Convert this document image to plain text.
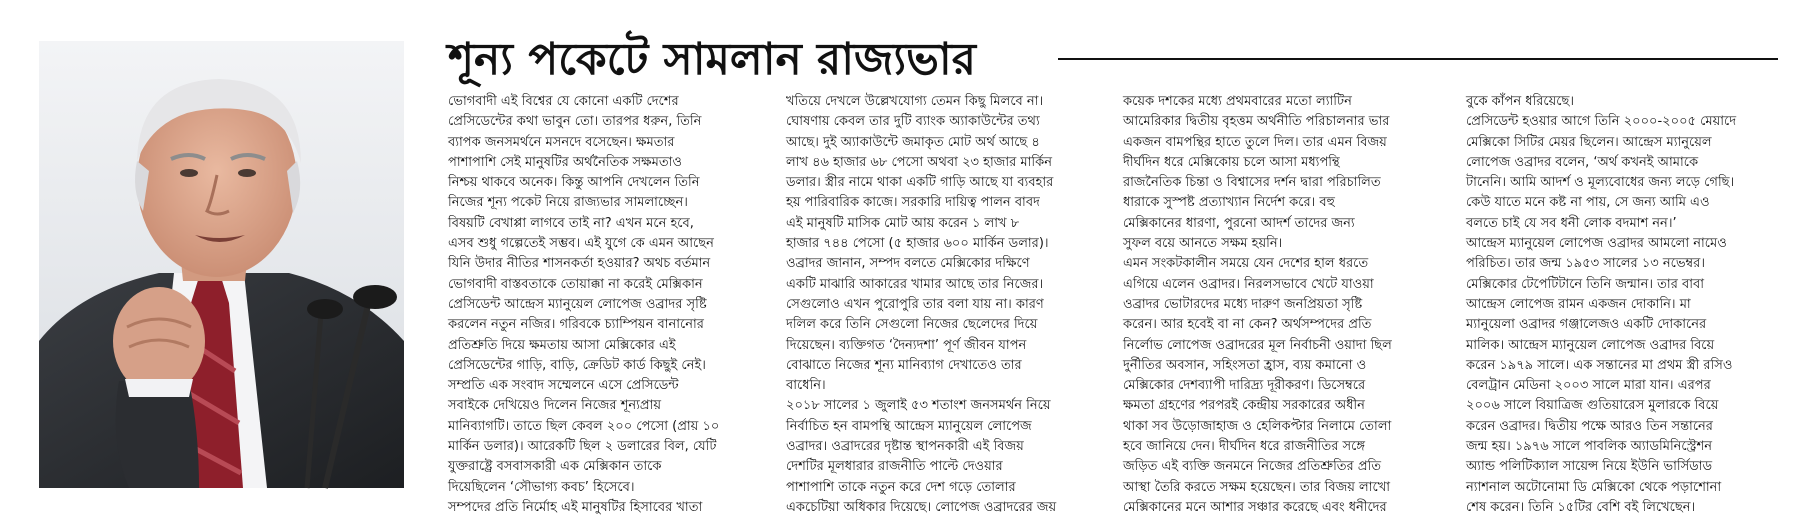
শূন্য পকেটে সামলান রাজ্যভার
ভোগবাদী এই বিশ্বের যে কোনো একটি দেশের
প্রেসিডেন্টের কথা ভাবুন তো। তারপর ধরুন, তিনি
ব্যাপক জনসমর্থনে মসনদে বসেছেন। ক্ষমতার
পাশাপাশি সেই মানুষটির অর্থনৈতিক সক্ষমতাও
নিশ্চয় থাকবে অনেক। কিন্তু আপনি দেখলেন তিনি
নিজের শূন্য পকেট নিয়ে রাজ্যভার সামলাচ্ছেন।
বিষয়টি বেখাপ্পা লাগবে তাই না? এখন মনে হবে,
এসব শুধু গল্পেতেই সম্ভব। এই যুগে কে এমন আছেন
যিনি উদার নীতির শাসনকর্তা হওয়ার? অথচ বর্তমান
ভোগবাদী বাস্তবতাকে তোয়াক্কা না করেই মেক্সিকান
প্রেসিডেন্ট আন্দ্রেস ম্যানুয়েল লোপেজ ওব্রাদর সৃষ্টি
করলেন নতুন নজির। গরিবকে চ্যাম্পিয়ন বানানোর
প্রতিশ্রুতি দিয়ে ক্ষমতায় আসা মেক্সিকোর এই
প্রেসিডেন্টের গাড়ি, বাড়ি, ক্রেডিট কার্ড কিছুই নেই।
সম্প্রতি এক সংবাদ সম্মেলনে এসে প্রেসিডেন্ট
সবাইকে দেখিয়েও দিলেন নিজের শূন্যপ্রায়
মানিব্যাগটি। তাতে ছিল কেবল ২০০ পেসো (প্রায় ১০
মার্কিন ডলার)। আরেকটি ছিল ২ ডলারের বিল, যেটি
যুক্তরাষ্ট্রে বসবাসকারী এক মেক্সিকান তাকে
দিয়েছিলেন ‘সৌভাগ্য কবচ’ হিসেবে।
সম্পদের প্রতি নির্মোহ এই মানুষটির হিসাবের খাতা
খতিয়ে দেখলে উল্লেখযোগ্য তেমন কিছু মিলবে না।
ঘোষণায় কেবল তার দুটি ব্যাংক অ্যাকাউন্টের তথ্য
আছে। দুই অ্যাকাউন্টে জমাকৃত মোট অর্থ আছে ৪
লাখ ৪৬ হাজার ৬৮ পেসো অথবা ২৩ হাজার মার্কিন
ডলার। স্ত্রীর নামে থাকা একটি গাড়ি আছে যা ব্যবহার
হয় পারিবারিক কাজে। সরকারি দায়িত্ব পালন বাবদ
এই মানুষটি মাসিক মোট আয় করেন ১ লাখ ৮
হাজার ৭৪৪ পেসো (৫ হাজার ৬০০ মার্কিন ডলার)।
ওব্রাদর জানান, সম্পদ বলতে মেক্সিকোর দক্ষিণে
একটি মাঝারি আকারের খামার আছে তার নিজের।
সেগুলোও এখন পুরোপুরি তার বলা যায় না। কারণ
দলিল করে তিনি সেগুলো নিজের ছেলেদের দিয়ে
দিয়েছেন। ব্যক্তিগত ‘দৈন্যদশা’ পূর্ণ জীবন যাপন
বোঝাতে নিজের শূন্য মানিব্যাগ দেখাতেও তার
বাধেনি।
২০১৮ সালের ১ জুলাই ৫৩ শতাংশ জনসমর্থন নিয়ে
নির্বাচিত হন বামপন্থি আন্দ্রেস ম্যানুয়েল লোপেজ
ওব্রাদর। ওব্রাদরের দৃষ্টান্ত স্থাপনকারী এই বিজয়
দেশটির মূলধারার রাজনীতি পাল্টে দেওয়ার
পাশাপাশি তাকে নতুন করে দেশ গড়ে তোলার
একচেটিয়া অধিকার দিয়েছে। লোপেজ ওব্রাদরের জয়
কয়েক দশকের মধ্যে প্রথমবারের মতো ল্যাটিন
আমেরিকার দ্বিতীয় বৃহত্তম অর্থনীতি পরিচালনার ভার
একজন বামপন্থির হাতে তুলে দিল। তার এমন বিজয়
দীর্ঘদিন ধরে মেক্সিকোয় চলে আসা মধ্যপন্থি
রাজনৈতিক চিন্তা ও বিশ্বাসের দর্শন দ্বারা পরিচালিত
ধারাকে সুস্পষ্ট প্রত্যাখ্যান নির্দেশ করে। বহু
মেক্সিকানের ধারণা, পুরনো আদর্শ তাদের জন্য
সুফল বয়ে আনতে সক্ষম হয়নি।
এমন সংকটকালীন সময়ে যেন দেশের হাল ধরতে
এগিয়ে এলেন ওব্রাদর। নিরলসভাবে খেটে যাওয়া
ওব্রাদর ভোটারদের মধ্যে দারুণ জনপ্রিয়তা সৃষ্টি
করেন। আর হবেই বা না কেন? অর্থসম্পদের প্রতি
নির্লোভ লোপেজ ওব্রাদরের মূল নির্বাচনী ওয়াদা ছিল
দুর্নীতির অবসান, সহিংসতা হ্রাস, ব্যয় কমানো ও
মেক্সিকোর দেশব্যাপী দারিদ্র্য দূরীকরণ। ডিসেম্বরে
ক্ষমতা গ্রহণের পরপরই কেন্দ্রীয় সরকারের অধীন
থাকা সব উড়োজাহাজ ও হেলিকপ্টার নিলামে তোলা
হবে জানিয়ে দেন। দীর্ঘদিন ধরে রাজনীতির সঙ্গে
জড়িত এই ব্যক্তি জনমনে নিজের প্রতিশ্রুতির প্রতি
আস্থা তৈরি করতে সক্ষম হয়েছেন। তার বিজয় লাখো
মেক্সিকানের মনে আশার সঞ্চার করেছে এবং ধনীদের
বুকে কাঁপন ধরিয়েছে।
প্রেসিডেন্ট হওয়ার আগে তিনি ২০০০-২০০৫ মেয়াদে
মেক্সিকো সিটির মেয়র ছিলেন। আন্দ্রেস ম্যানুয়েল
লোপেজ ওব্রাদর বলেন, ‘অর্থ কখনই আমাকে
টানেনি। আমি আদর্শ ও মূল্যবোধের জন্য লড়ে গেছি।
কেউ যাতে মনে কষ্ট না পায়, সে জন্য আমি এও
বলতে চাই যে সব ধনী লোক বদমাশ নন।’
আন্দ্রেস ম্যানুয়েল লোপেজ ওব্রাদর আমলো নামেও
পরিচিত। তার জন্ম ১৯৫৩ সালের ১৩ নভেম্বর।
মেক্সিকোর টেপেটিটানে তিনি জন্মান। তার বাবা
আন্দ্রেস লোপেজ রামন একজন দোকানি। মা
ম্যানুয়েলা ওব্রাদর গঞ্জালেজও একটি দোকানের
মালিক। আন্দ্রেস ম্যানুয়েল লোপেজ ওব্রাদর বিয়ে
করেন ১৯৭৯ সালে। এক সন্তানের মা প্রথম স্ত্রী রসিও
বেলট্রান মেডিনা ২০০৩ সালে মারা যান। এরপর
২০০৬ সালে বিয়াত্রিজ গুতিয়ারেস মুলারকে বিয়ে
করেন ওব্রাদর। দ্বিতীয় পক্ষে আরও তিন সন্তানের
জন্ম হয়। ১৯৭৬ সালে পাবলিক অ্যাডমিনিস্ট্রেশন
অ্যান্ড পলিটিক্যাল সায়েন্স নিয়ে ইউনি ভার্সিডাড
ন্যাশনাল অটোনোমা ডি মেক্সিকো থেকে পড়াশোনা
শেষ করেন। তিনি ১৫টির বেশি বই লিখেছেন।
